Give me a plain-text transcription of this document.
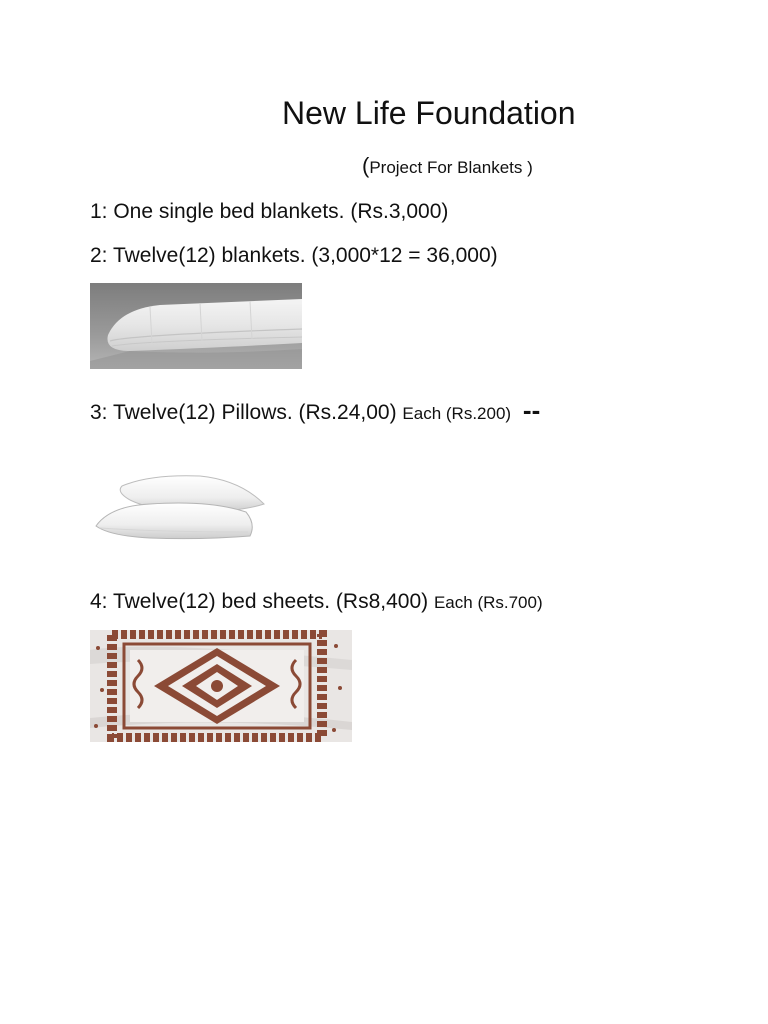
New Life Foundation
(Project For Blankets )
1: One single bed blankets. (Rs.3,000)
2: Twelve(12) blankets. (3,000*12 = 36,000)
3: Twelve(12) Pillows. (Rs.24,00) Each (Rs.200) --
4: Twelve(12) bed sheets. (Rs8,400) Each (Rs.700)
